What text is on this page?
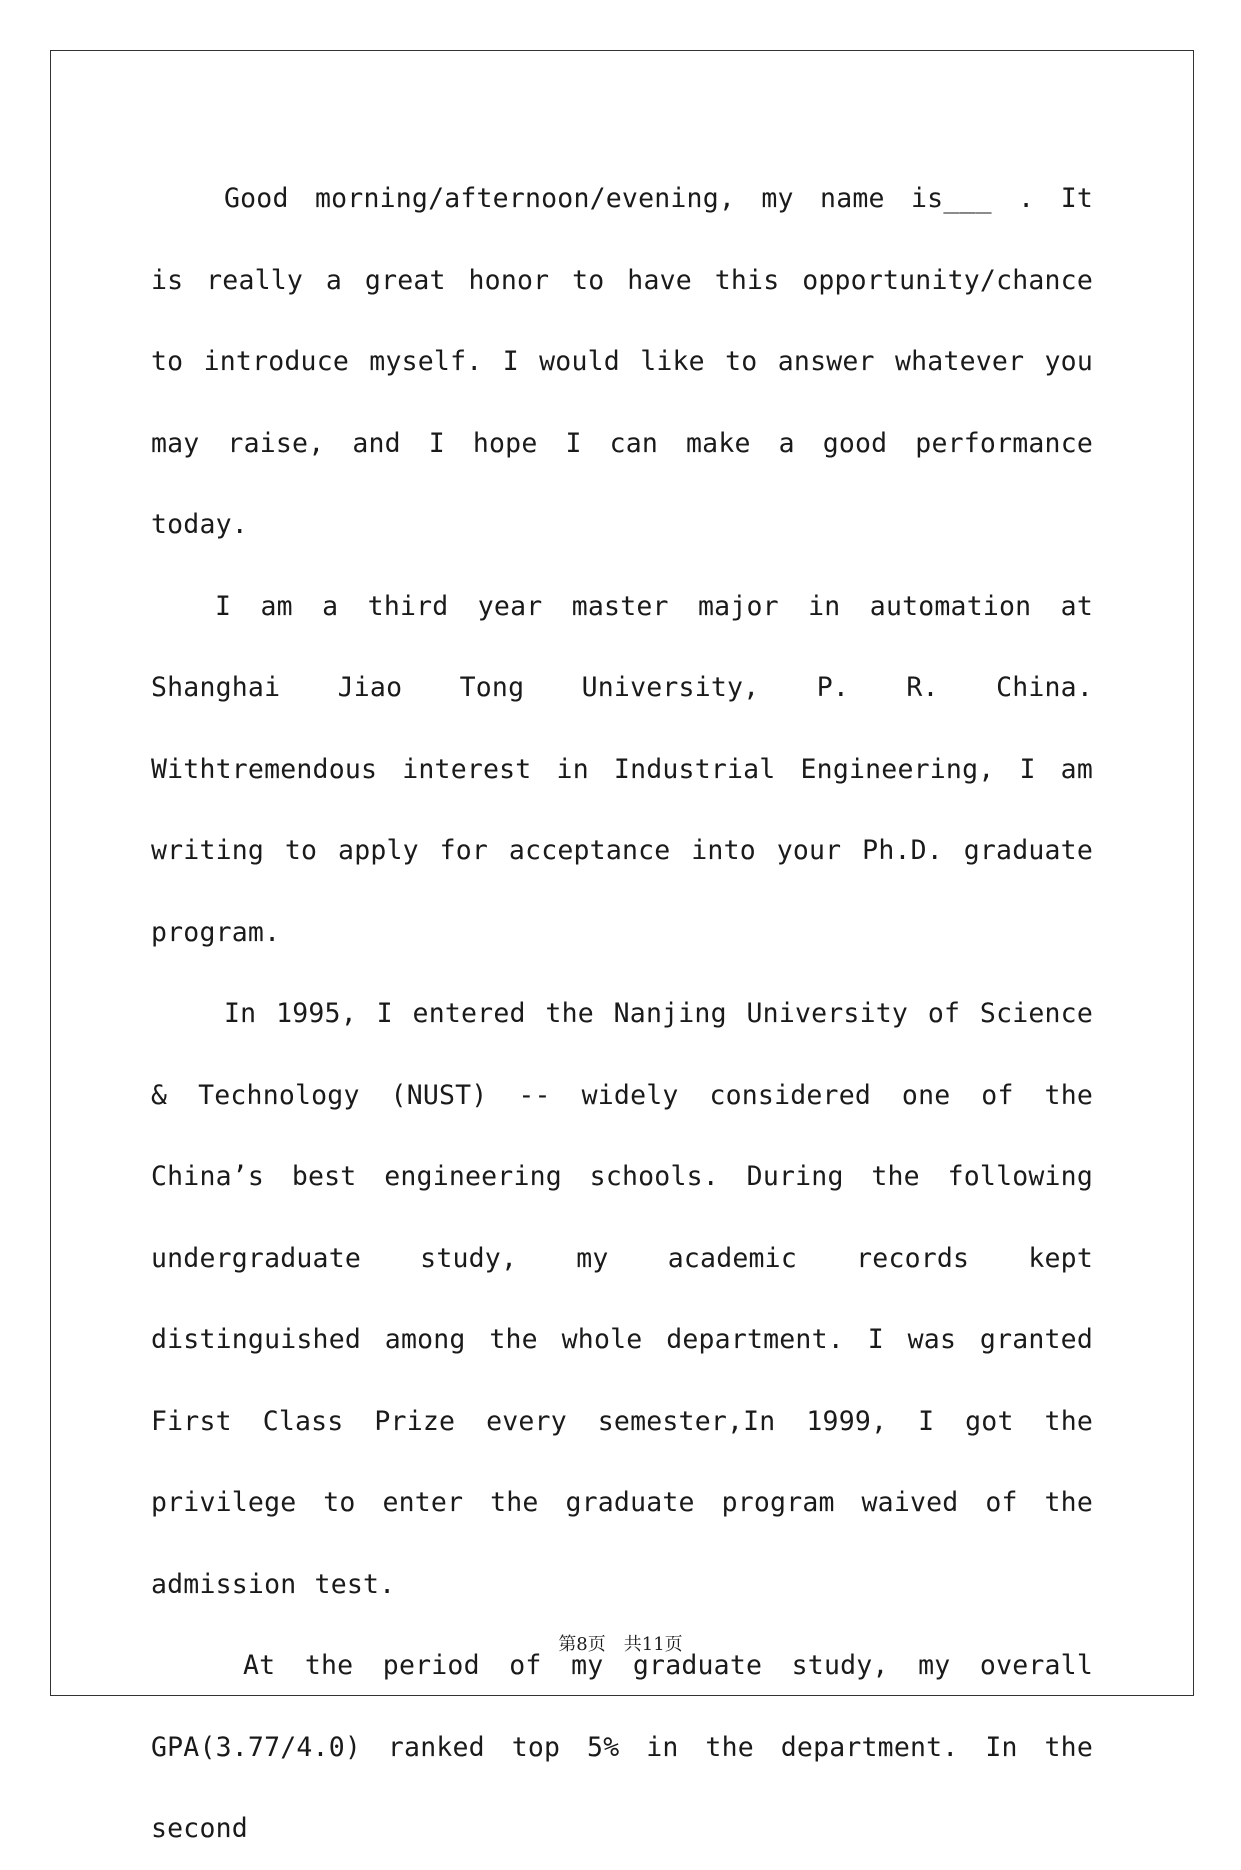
Good morning/afternoon/evening, my name is___ . It is really a great honor to have this opportunity/chance to introduce myself. I would like to answer whatever you may raise, and I hope I can make a good performance today.

I am a third year master major in automation at Shanghai Jiao Tong University, P. R. China. Withtremendous interest in Industrial Engineering, I am writing to apply for acceptance into your Ph.D. graduate program.

In 1995, I entered the Nanjing University of Science & Technology (NUST) -- widely considered one of the China’s best engineering schools. During the following undergraduate study, my academic records kept distinguished among the whole department. I was granted First Class Prize every semester,In 1999, I got the privilege to enter the graduate program waived of the admission test.

At the period of my graduate study, my overall GPA(3.77/4.0) ranked top 5% in the department. In the second

第8页　共11页
